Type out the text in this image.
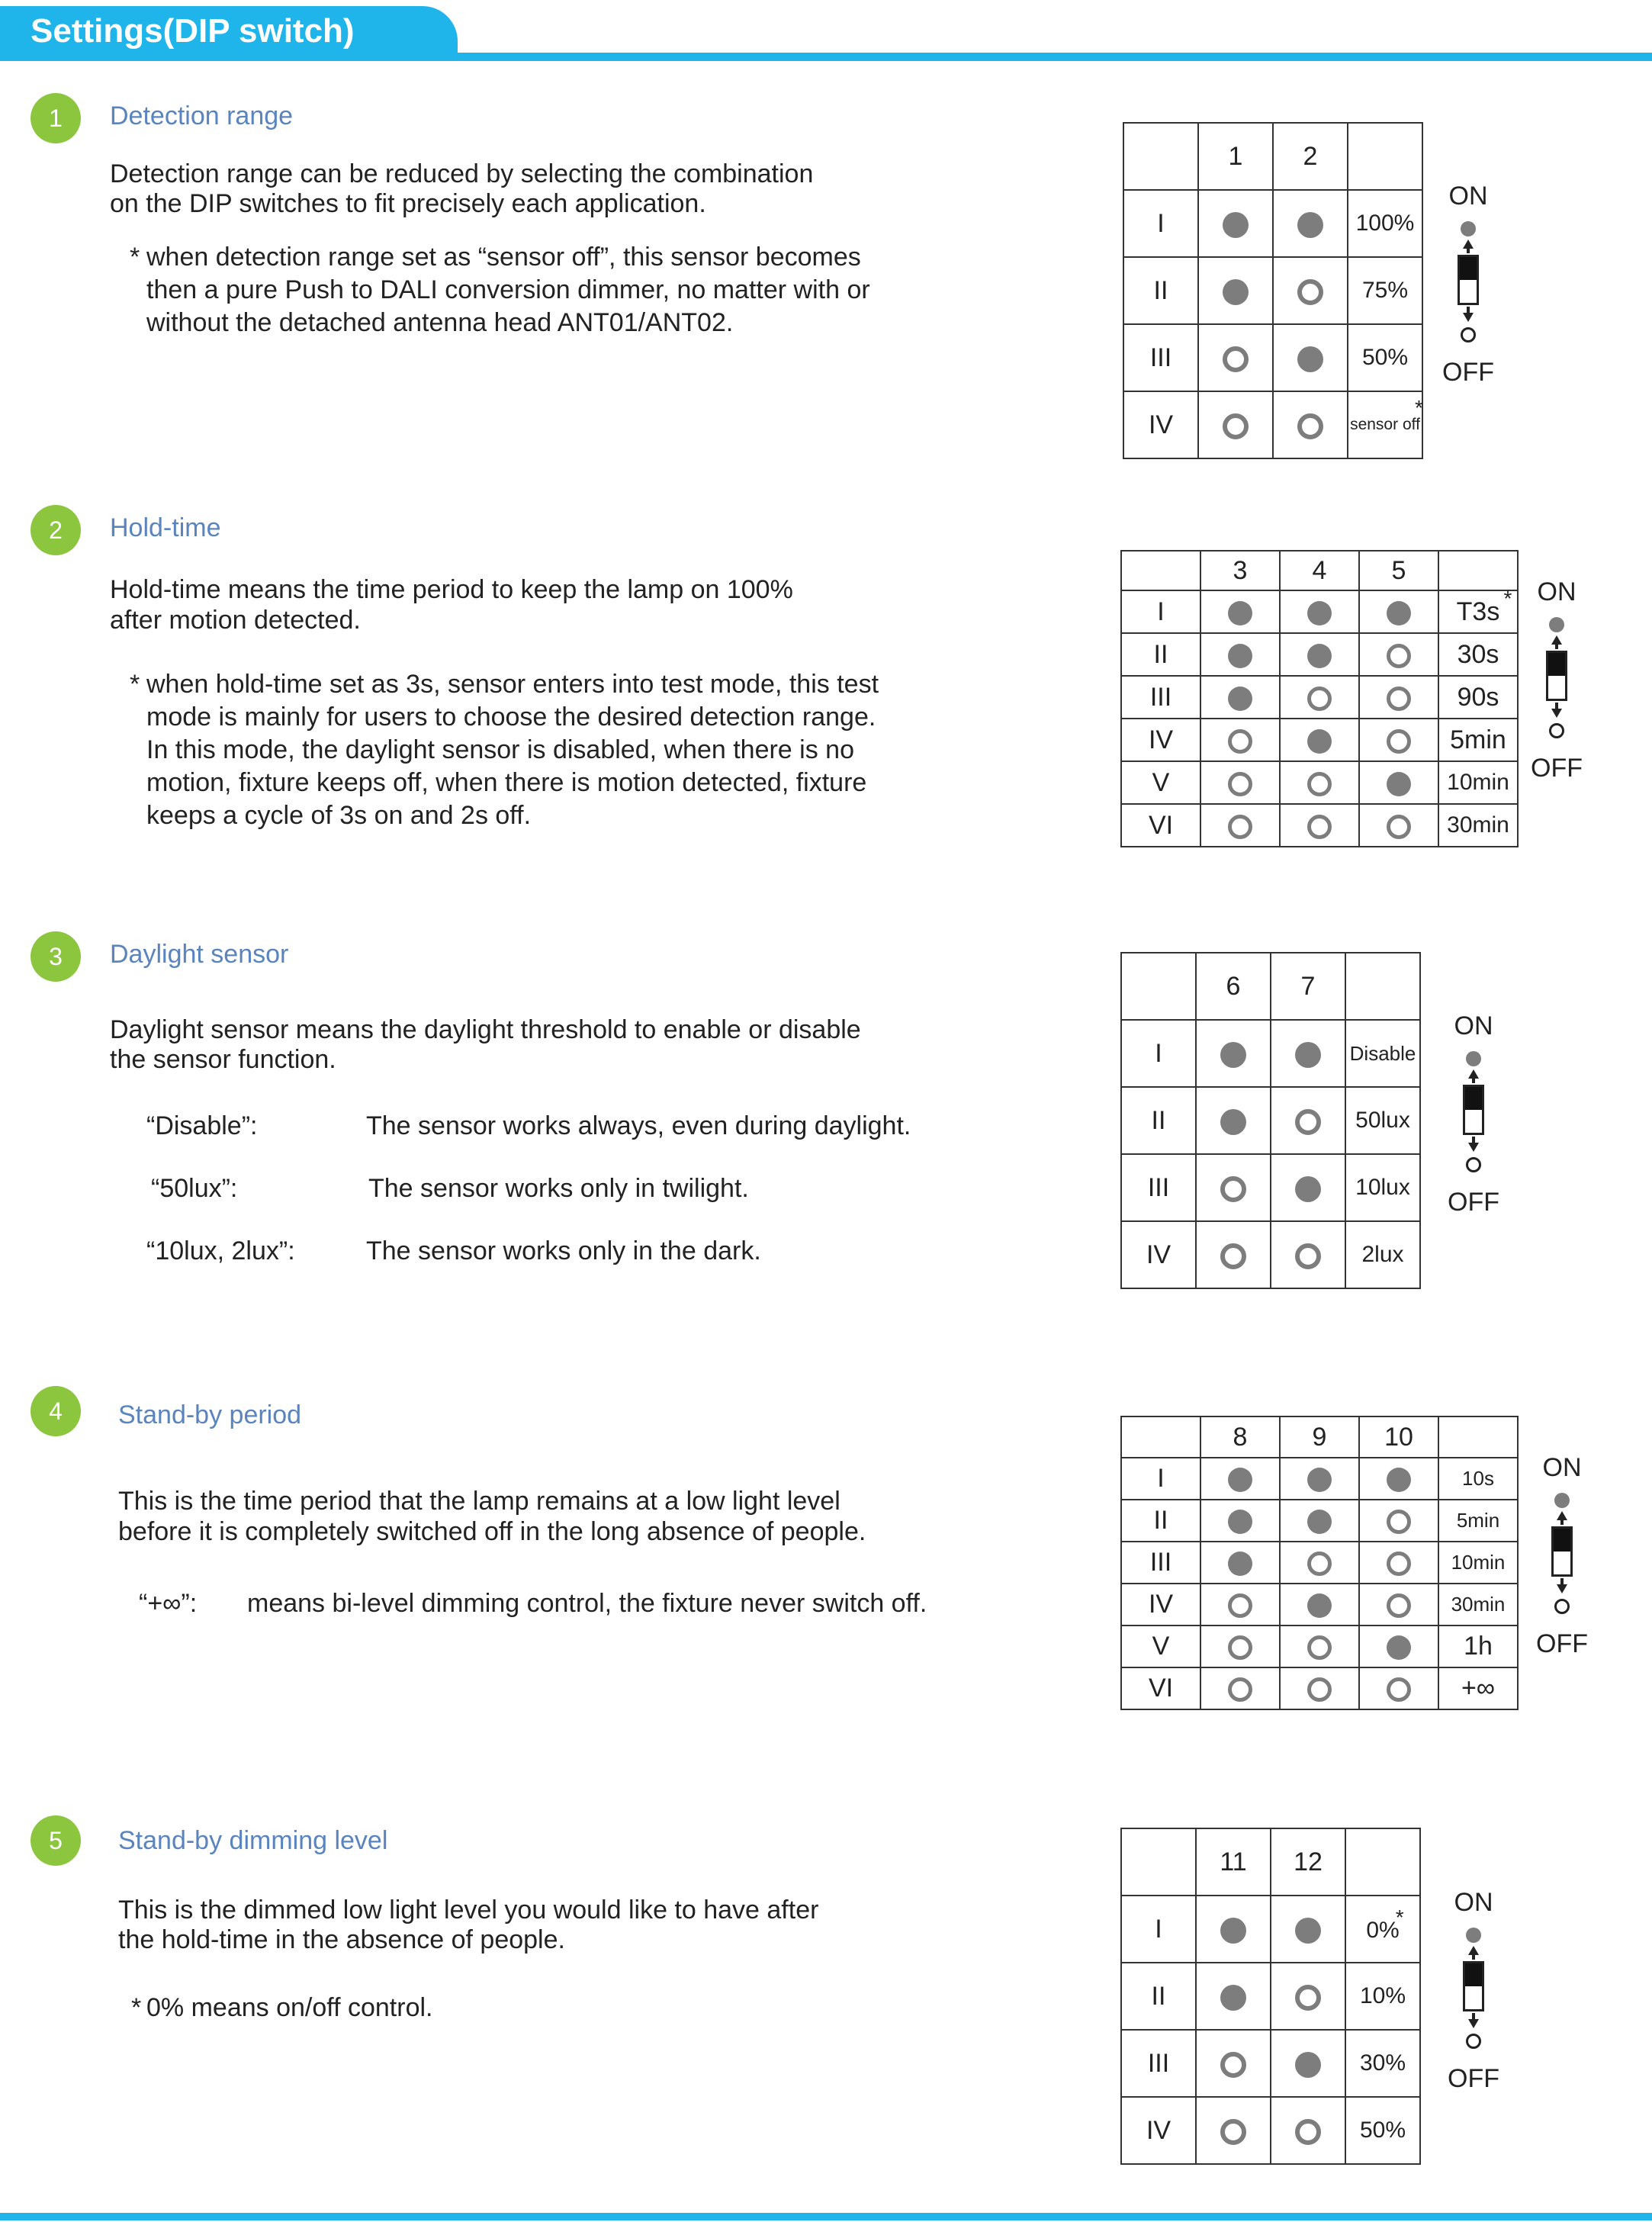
Settings(DIP switch)
1	Detection range
Detection range can be reduced by selecting the combination
on the DIP switches to fit precisely each application.
* when detection range set as “sensor off”, this sensor becomes
then a pure Push to DALI conversion dimmer, no matter with or
without the detached antenna head ANT01/ANT02.
	1	2	
I			100%
II			75%
III			50%
IV			sensor off
*
ON
OFF
2	Hold-time
Hold-time means the time period to keep the lamp on 100%
after motion detected.
* when hold-time set as 3s, sensor enters into test mode, this test
mode is mainly for users to choose the desired detection range.
In this mode, the daylight sensor is disabled, when there is no
motion, fixture keeps off, when there is motion detected, fixture
keeps a cycle of 3s on and 2s off.
	3	4	5	
I				T3s *

II				30s
III				90s
IV				5min
V				10min
VI				30min
ON
OFF
3	Daylight sensor
Daylight sensor means the daylight threshold to enable or disable
the sensor function.
“Disable”:	The sensor works always, even during daylight.
“50lux”:	The sensor works only in twilight.
“10lux, 2lux”:	The sensor works only in the dark.
	6	7	
I			Disable
II			50lux
III			10lux
IV			2lux
ON
OFF
4	Stand-by period
This is the time period that the lamp remains at a low light level
before it is completely switched off in the long absence of people.
“+∞”: means bi-level dimming control, the fixture never switch off.
	8	9	10	
I				10s
II				5min
III				10min
IV				30min
V				1h
VI				+∞
ON
OFF
5	Stand-by dimming level
This is the dimmed low light level you would like to have after
the hold-time in the absence of people.
* 0% means on/off control.
	11	12	
I			0%
*

II			10%
III			30%
IV			50%
ON
OFF
